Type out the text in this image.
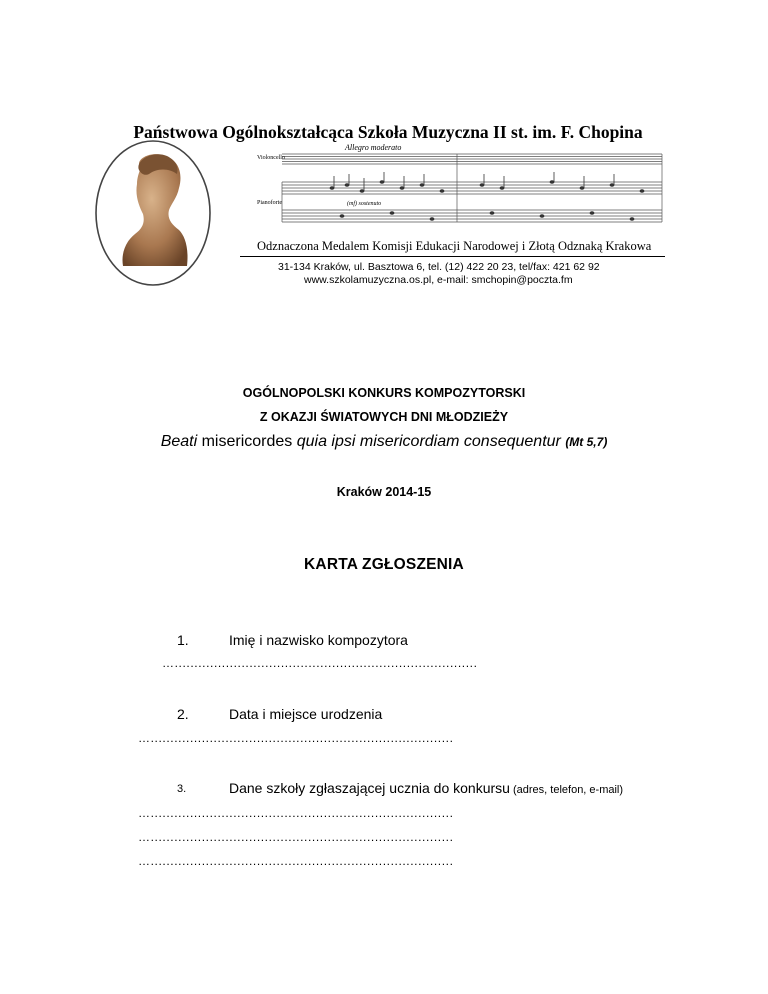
Państwowa Ogólnokształcąca Szkoła Muzyczna II st. im. F. Chopina
Allegro moderato
Violoncello
Pianoforte	(mf) sostenuto
Odznaczona Medalem Komisji Edukacji Narodowej i Złotą Odznaką Krakowa
31-134 Kraków, ul. Basztowa 6, tel. (12) 422 20 23, tel/fax: 421 62 92
www.szkolamuzyczna.os.pl, e-mail: smchopin@poczta.fm
OGÓLNOPOLSKI KONKURS KOMPOZYTORSKI
Z OKAZJI ŚWIATOWYCH DNI MŁODZIEŻY
Beati misericordes quia ipsi misericordiam consequentur (Mt 5,7)
Kraków 2014-15
KARTA ZGŁOSZENIA
1.	Imię i nazwisko kompozytora
….............................................................................
2.	Data i miejsce urodzenia
….............................................................................
3.	Dane szkoły zgłaszającej ucznia do konkursu (adres, telefon, e-mail)
….............................................................................
….............................................................................
….............................................................................
